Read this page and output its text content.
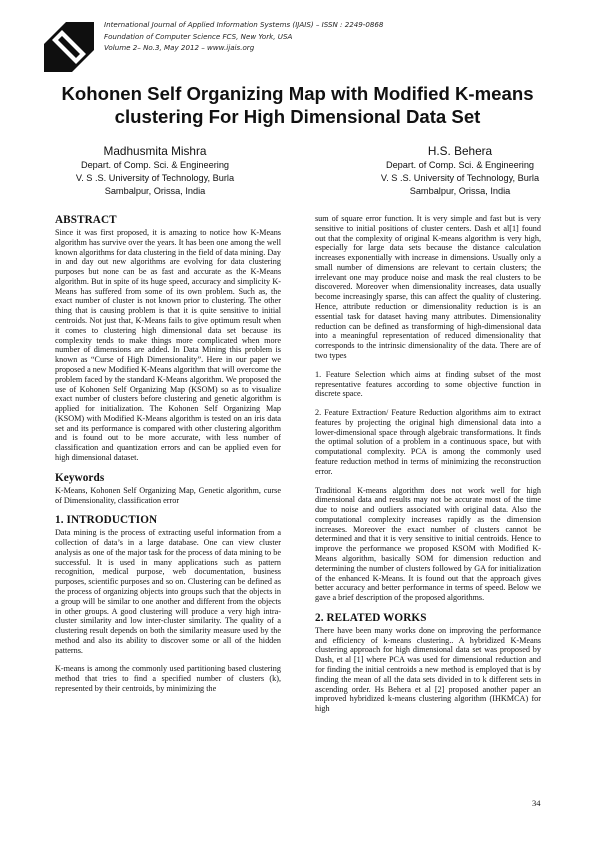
International Journal of Applied Information Systems (IJAIS) – ISSN : 2249-0868
Foundation of Computer Science FCS, New York, USA
Volume 2– No.3, May 2012 – www.ijais.org
Kohonen Self Organizing Map with Modified K-means
clustering For High Dimensional Data Set
Madhusmita Mishra
Depart. of Comp. Sci. & Engineering
V. S .S. University of Technology, Burla
Sambalpur, Orissa, India
H.S. Behera
Depart. of Comp. Sci. & Engineering
V. S .S. University of Technology, Burla
Sambalpur, Orissa, India
ABSTRACT

Since it was first proposed, it is amazing to notice how K-Means algorithm has survive over the years. It has been one among the well known algorithms for data clustering in the field of data mining. Day in and day out new algorithms are evolving for data clustering purposes but none can be as fast and accurate as the K-Means algorithm. But in spite of its huge speed, accuracy and simplicity K-Means has suffered from some of its own problem. Such as, the exact number of cluster is not known prior to clustering. The other thing that is causing problem is that it is quite sensitive to initial centroids. Not just that, K-Means fails to give optimum result when it comes to clustering high dimensional data set because its complexity tends to make things more complicated when more number of dimensions are added. In Data Mining this problem is known as “Curse of High Dimensionality”. Here in our paper we proposed a new Modified K-Means algorithm that will overcome the problem faced by the standard K-Means algorithm. We proposed the use of Kohonen Self Organizing Map (KSOM) so as to visualize exact number of clusters before clustering and genetic algorithm is applied for initialization. The Kohonen Self Organizing Map (KSOM) with Modified K-Means algorithm is tested on an iris data set and its performance is compared with other clustering algorithm and is found out to be more accurate, with less number of classification and quantization errors and can be applied even for high dimensional dataset.

Keywords

K-Means, Kohonen Self Organizing Map, Genetic algorithm, curse of Dimensionality, classification error

1. INTRODUCTION

Data mining is the process of extracting useful information from a collection of data’s in a large database. One can view cluster analysis as one of the major task for the process of data mining to be successful. It is used in many applications such as pattern recognition, medical purpose, web documentation, business purposes, scientific purposes and so on. Clustering can be defined as the process of organizing objects into groups such that the objects in a group will be similar to one another and different from the objects in other groups. A good clustering will produce a very high intra-cluster similarity and low inter-cluster similarity. The quality of a clustering result depends on both the similarity measure used by the method and also its ability to discover some or all of the hidden patterns.

K-means is among the commonly used partitioning based clustering method that tries to find a specified number of clusters (k), represented by their centroids, by minimizing the

sum of square error function. It is very simple and fast but is very sensitive to initial positions of cluster centers. Dash et al[1] found out that the complexity of original K-means algorithm is very high, especially for large data sets because the distance calculation increases exponentially with increase in dimensions. Usually only a small number of dimensions are relevant to certain clusters; the irrelevant one may produce noise and mask the real clusters to be discovered. Moreover when dimensionality increases, data usually become increasingly sparse, this can affect the quality of clustering. Hence, attribute reduction or dimensionality reduction is is an essential task for dataset having many attributes. Dimensionality reduction can be defined as transforming of high-dimensional data into a meaningful representation of reduced dimensionality that corresponds to the intrinsic dimensionality of the data. There are of two types

1. Feature Selection which aims at finding subset of the most representative features according to some objective function in discrete space.

2. Feature Extraction/ Feature Reduction algorithms aim to extract features by projecting the original high dimensional data into a lower-dimensional space through algebraic transformations. It finds the optimal solution of a problem in a continuous space, but with computational complexity. PCA is among the commonly used feature reduction method in terms of minimizing the reconstruction error.

Traditional K-means algorithm does not work well for high dimensional data and results may not be accurate most of the time due to noise and outliers associated with original data. Also the computational complexity increases rapidly as the dimension increases. Moreover the exact number of clusters cannot be determined and that it is very sensitive to initial centroids. Hence to improve the performance we proposed KSOM with Modified K-Means algorithm, basically SOM for dimension reduction and determining the number of clusters followed by GA for initialization of the enhanced K-Means. It is found out that the approach gives better accuracy and better performance in terms of speed. Below we gave a brief description of the proposed algorithms.

2. RELATED WORKS

There have been many works done on improving the performance and efficiency of k-means clustering.. A hybridized K-Means clustering approach for high dimensional data set was proposed by Dash, et al [1] where PCA was used for dimensional reduction and for finding the initial centroids a new method is employed that is by finding the mean of all the data sets divided in to k different sets in ascending order. Hs Behera et al [2] proposed another paper an improved hybridized k-means clustering algorithm (IHKMCA) for high

34
